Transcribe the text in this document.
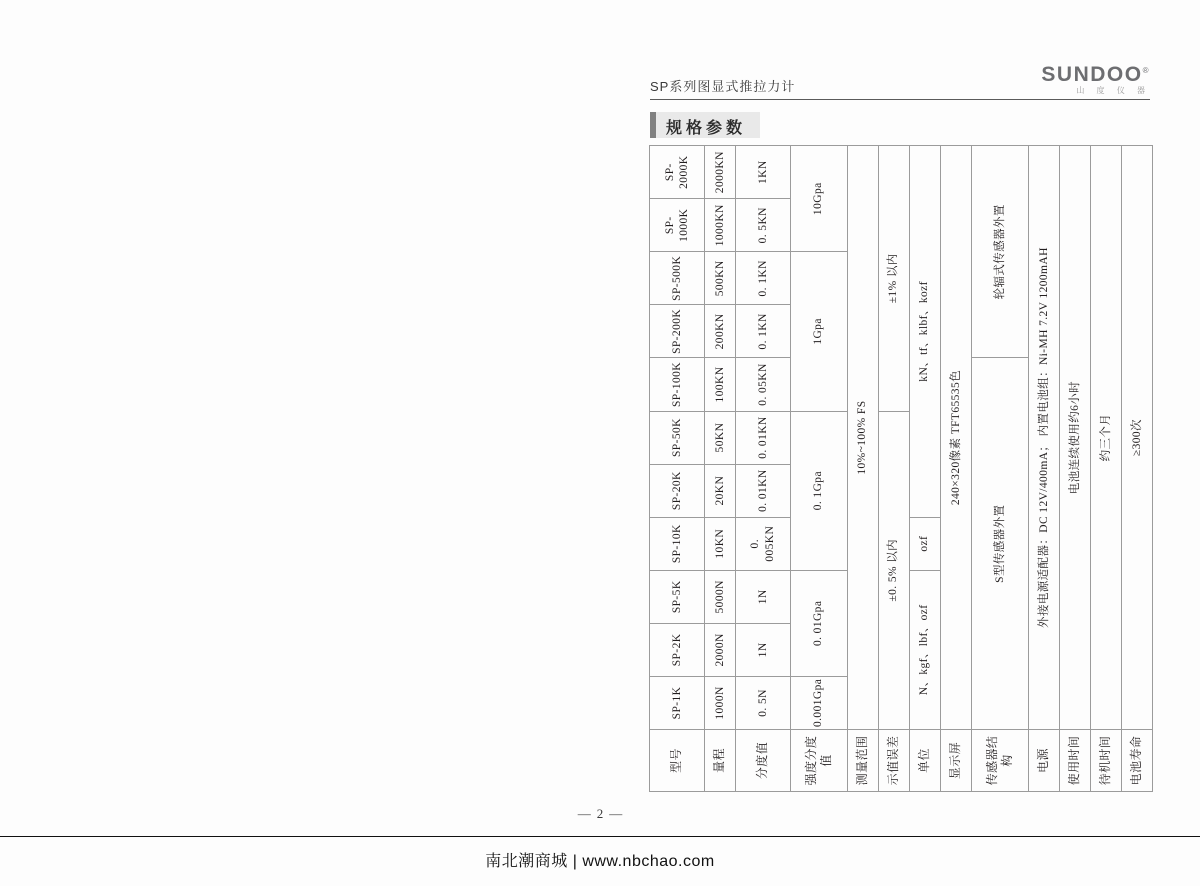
SP系列图显式推拉力计
SUNDOO®
山 度 仪 器
规格参数
型号	SP-1K	SP-2K	SP-5K	SP-10K	SP-20K	SP-50K	SP-100K	SP-200K	SP-500K	SP-1000K	SP-2000K
量程	1000N	2000N	5000N	10KN	20KN	50KN	100KN	200KN	500KN	1000KN	2000KN
分度值	0. 5N	1N	1N	0. 005KN	0. 01KN	0. 01KN	0. 05KN	0. 1KN	0. 1KN	0. 5KN	1KN
强度分度值	0.001Gpa	0. 01Gpa		0. 1Gpa			1Gpa			10Gpa	
测量范围	10%~100% FS										
示值误差	±0. 5% 以内						±1% 以内				
单位	N、kgf、lbf、ozf			ozf	kN、tf、klbf、kozf						
显示屏	240×320像素 TFT65535色										
传感器结构	S型传感器外置							轮辐式传感器外置			
电源	外接电源适配器：DC 12V/400mA； 内置电池组：Ni-MH 7.2V 1200mAH										
使用时间	电池连续使用约6小时										
待机时间	约三个月										
电池寿命	≥300次										
— 2 —
南北潮商城 | www.nbchao.com
